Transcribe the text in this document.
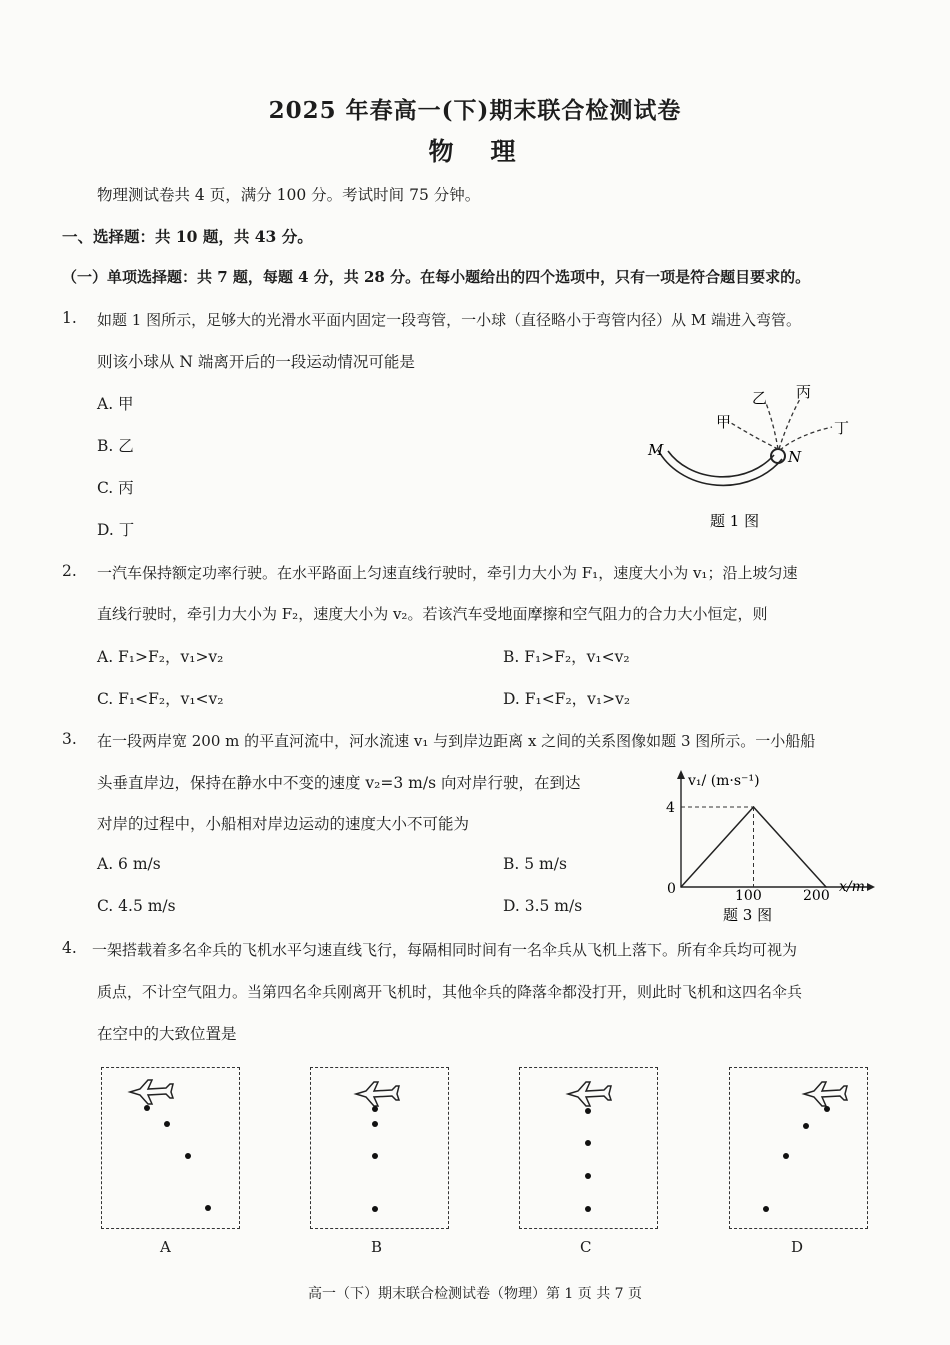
2025 年春高一(下)期末联合检测试卷
物　理
物理测试卷共 4 页，满分 100 分。考试时间 75 分钟。
一、选择题：共 10 题，共 43 分。
（一）单项选择题：共 7 题，每题 4 分，共 28 分。在每小题给出的四个选项中，只有一项是符合题目要求的。
1. 如题 1 图所示，足够大的光滑水平面内固定一段弯管，一小球（直径略小于弯管内径）从 M 端进入弯管。
则该小球从 N 端离开后的一段运动情况可能是
A. 甲
B. 乙
C. 丙
D. 丁
M	N
甲
乙 丙
丁
题 1 图
2. 一汽车保持额定功率行驶。在水平路面上匀速直线行驶时，牵引力大小为 F₁，速度大小为 v₁；沿上坡匀速
直线行驶时，牵引力大小为 F₂，速度大小为 v₂。若该汽车受地面摩擦和空气阻力的合力大小恒定，则
A. F₁>F₂，v₁>v₂	B. F₁>F₂，v₁<v₂
C. F₁<F₂，v₁<v₂	D. F₁<F₂，v₁>v₂
3. 在一段两岸宽 200 m 的平直河流中，河水流速 v₁ 与到岸边距离 x 之间的关系图像如题 3 图所示。一小船船
头垂直岸边，保持在静水中不变的速度 v₂=3 m/s 向对岸行驶，在到达
对岸的过程中，小船相对岸边运动的速度大小不可能为
A. 6 m/s	B. 5 m/s
C. 4.5 m/s	D. 3.5 m/s
v₁/ (m·s⁻¹)
x/m
0
4
100	200
题 3 图
4. 一架搭载着多名伞兵的飞机水平匀速直线飞行，每隔相同时间有一名伞兵从飞机上落下。所有伞兵均可视为
质点，不计空气阻力。当第四名伞兵刚离开飞机时，其他伞兵的降落伞都没打开，则此时飞机和这四名伞兵
在空中的大致位置是
A	B	C	D
高一（下）期末联合检测试卷（物理）第 1 页 共 7 页
